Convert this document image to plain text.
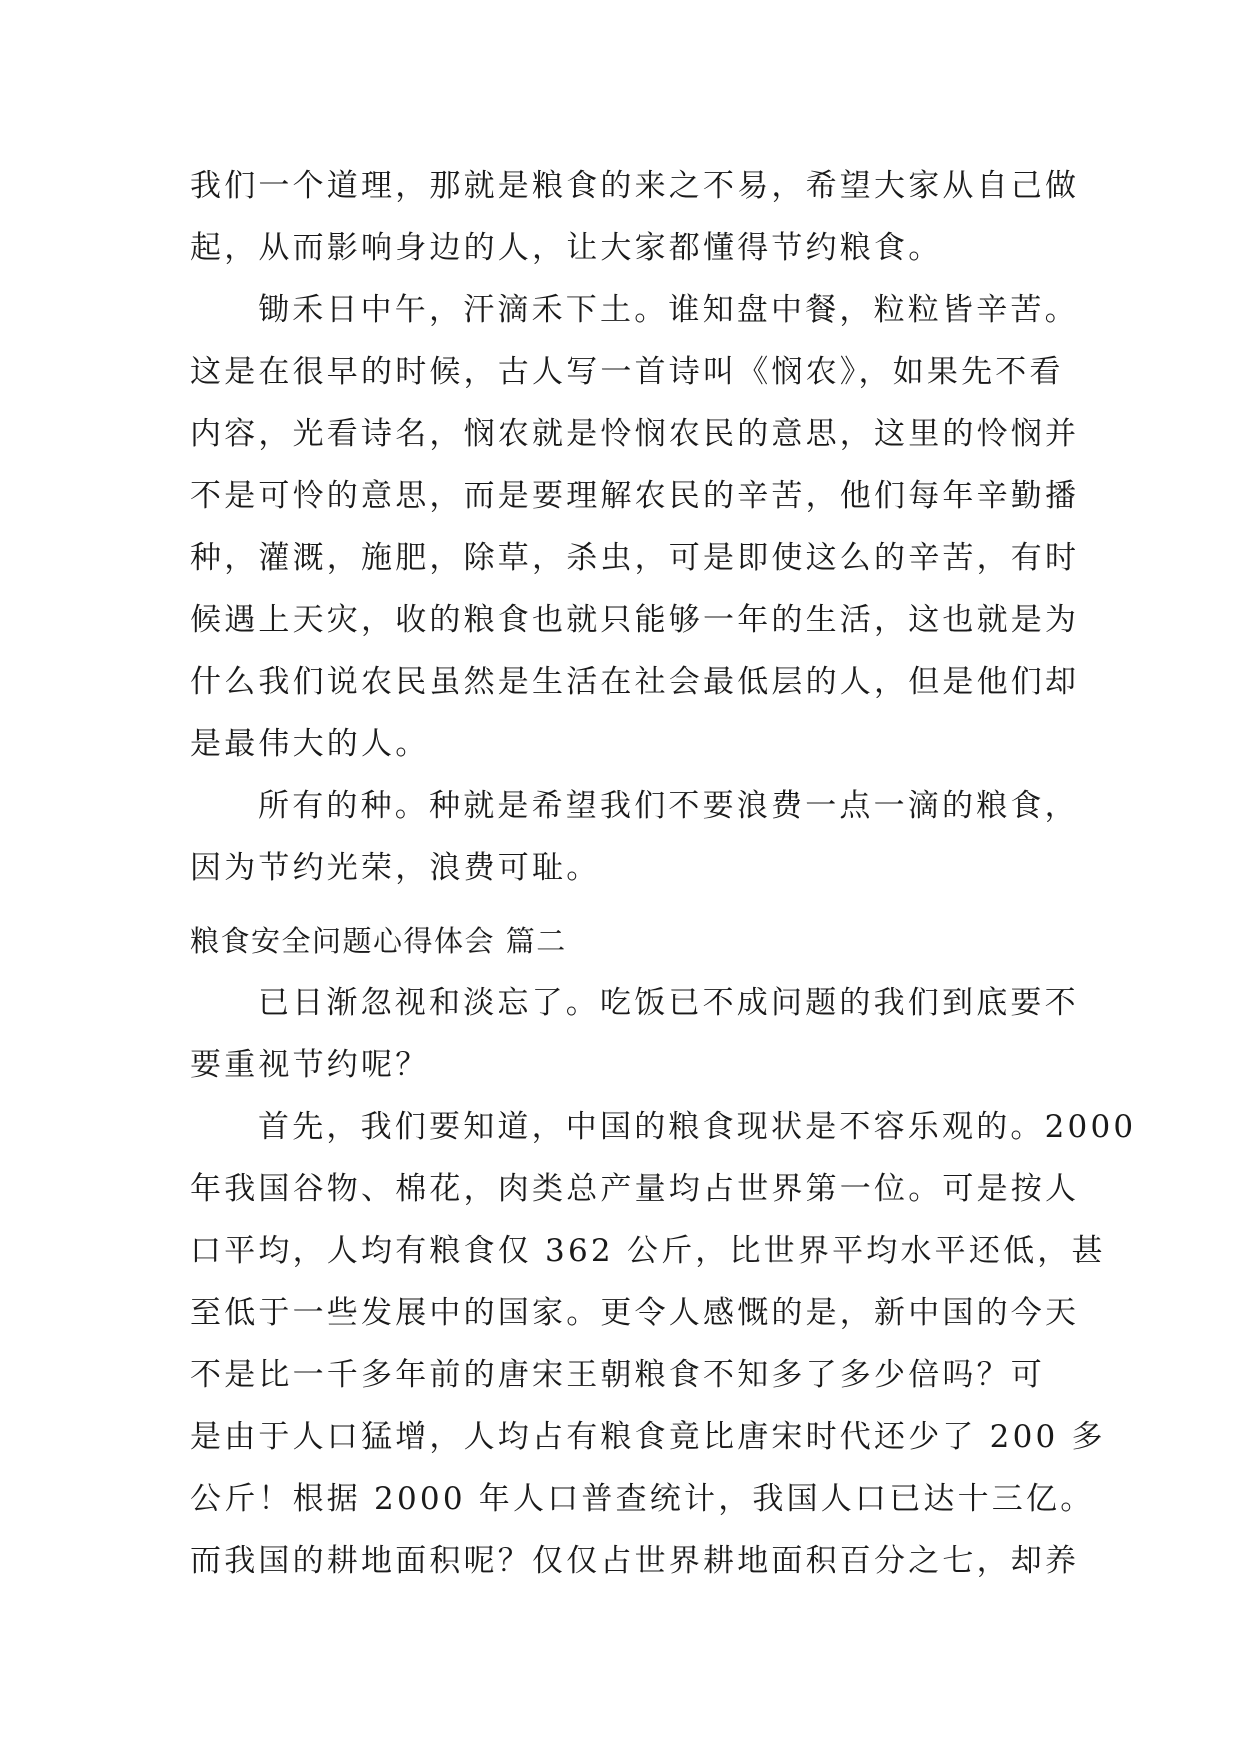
我们一个道理，那就是粮食的来之不易，希望大家从自己做
起，从而影响身边的人，让大家都懂得节约粮食。
锄禾日中午，汗滴禾下土。谁知盘中餐，粒粒皆辛苦。
这是在很早的时候，古人写一首诗叫《悯农》，如果先不看
内容，光看诗名，悯农就是怜悯农民的意思，这里的怜悯并
不是可怜的意思，而是要理解农民的辛苦，他们每年辛勤播
种，灌溉，施肥，除草，杀虫，可是即使这么的辛苦，有时
候遇上天灾，收的粮食也就只能够一年的生活，这也就是为
什么我们说农民虽然是生活在社会最低层的人，但是他们却
是最伟大的人。
所有的种。种就是希望我们不要浪费一点一滴的粮食，
因为节约光荣，浪费可耻。
粮食安全问题心得体会 篇二
已日渐忽视和淡忘了。吃饭已不成问题的我们到底要不
要重视节约呢？
首先，我们要知道，中国的粮食现状是不容乐观的。2000
年我国谷物、棉花，肉类总产量均占世界第一位。可是按人
口平均，人均有粮食仅 362 公斤，比世界平均水平还低，甚
至低于一些发展中的国家。更令人感慨的是，新中国的今天
不是比一千多年前的唐宋王朝粮食不知多了多少倍吗？可
是由于人口猛增，人均占有粮食竟比唐宋时代还少了 200 多
公斤！根据 2000 年人口普查统计，我国人口已达十三亿。
而我国的耕地面积呢？仅仅占世界耕地面积百分之七，却养
